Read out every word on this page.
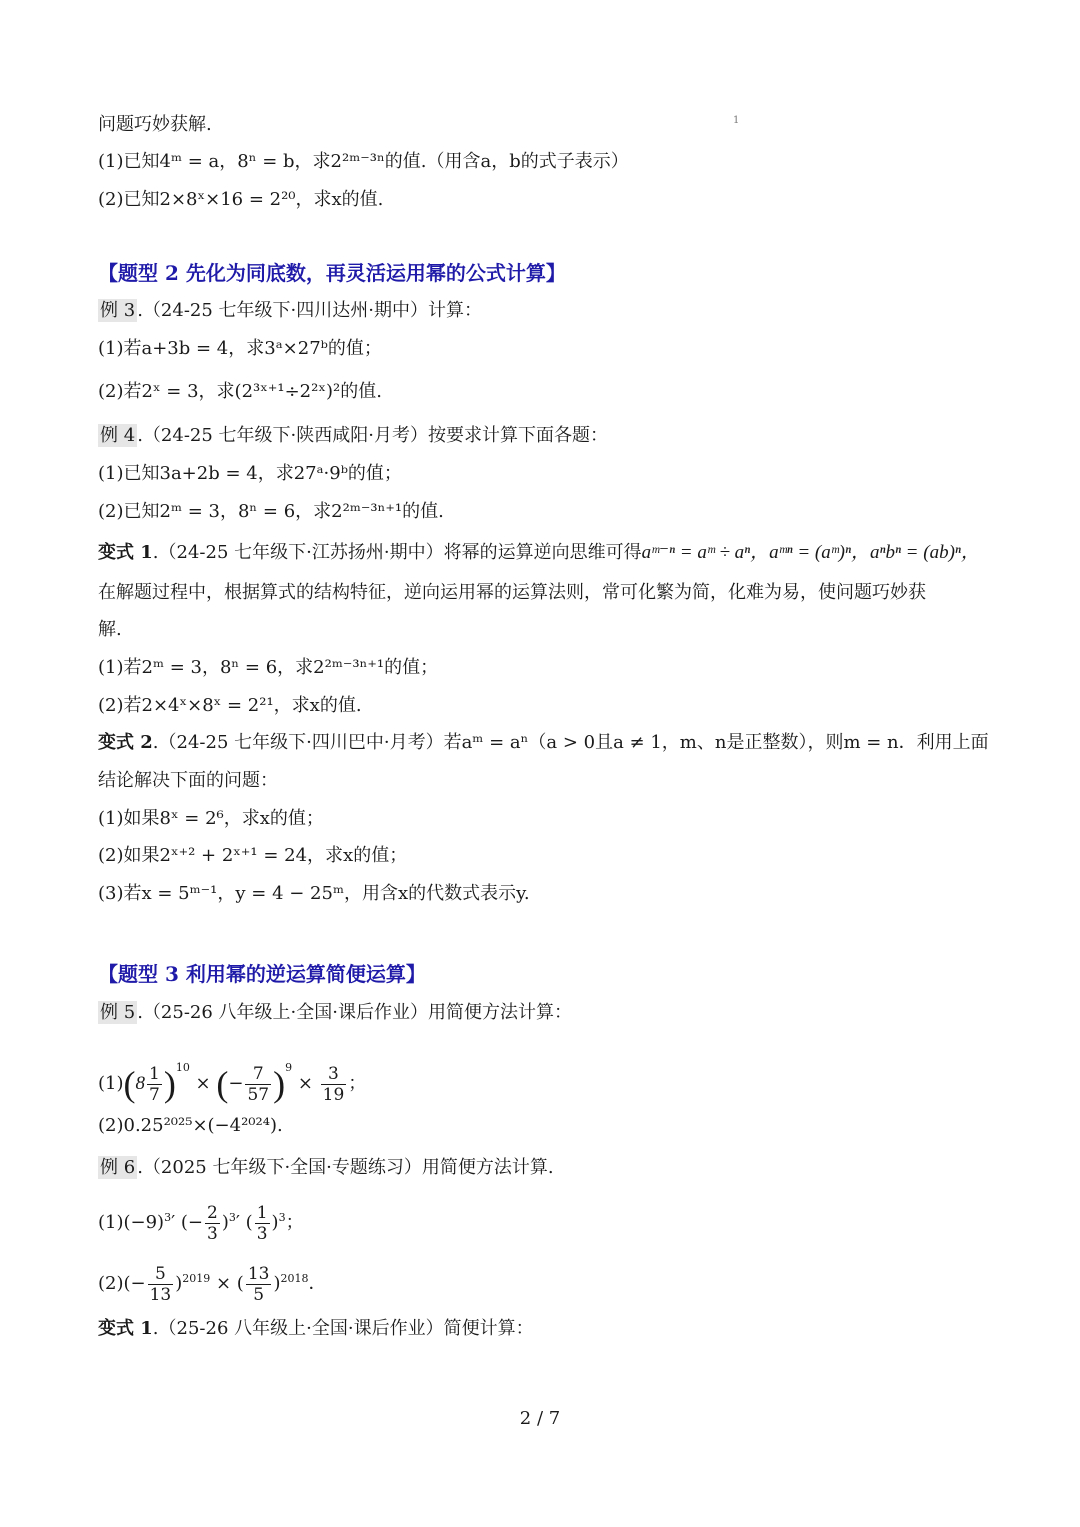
1
问题巧妙获解.
(1)已知4ᵐ = a，8ⁿ = b，求2²ᵐ⁻³ⁿ的值.（用含a，b的式子表示）
(2)已知2×8ˣ×16 = 2²⁰，求x的值.
【题型 2 先化为同底数，再灵活运用幂的公式计算】
例 3 .（24-25 七年级下·四川达州·期中）计算：
(1)若a+3b = 4，求3ᵃ×27ᵇ的值；
(2)若2ˣ = 3，求(2³ˣ⁺¹÷2²ˣ)²的值.
例 4 .（24-25 七年级下·陕西咸阳·月考）按要求计算下面各题：
(1)已知3a+2b = 4，求27ᵃ·9ᵇ的值；
(2)已知2ᵐ = 3，8ⁿ = 6，求2²ᵐ⁻³ⁿ⁺¹的值.
变式 1.（24-25 七年级下·江苏扬州·期中）将幂的运算逆向思维可得aᵐ⁻ⁿ = aᵐ ÷ aⁿ，aᵐⁿ = (aᵐ)ⁿ，aⁿbⁿ = (ab)ⁿ，
在解题过程中，根据算式的结构特征，逆向运用幂的运算法则，常可化繁为简，化难为易，使问题巧妙获
解.
(1)若2ᵐ = 3，8ⁿ = 6，求2²ᵐ⁻³ⁿ⁺¹的值；
(2)若2×4ˣ×8ˣ = 2²¹，求x的值.
变式 2.（24-25 七年级下·四川巴中·月考）若aᵐ = aⁿ（a > 0且a ≠ 1，m、n是正整数），则m = n．利用上面
结论解决下面的问题：
(1)如果8ˣ = 2⁶，求x的值；
(2)如果2ˣ⁺² + 2ˣ⁺¹ = 24，求x的值；
(3)若x = 5ᵐ⁻¹，y = 4 − 25ᵐ，用含x的代数式表示y.
【题型 3 利用幂的逆运算简便运算】
例 5 .（25-26 八年级上·全国·课后作业）用简便方法计算：
$(1)(8 \frac{1}{7} )^{10}$ × (− $\frac{7}{57} )^9 \times \frac{3}{19}$ ；
(2)0.25²⁰²⁵×(−4²⁰²⁴).
例 6 .（2025 七年级下·全国·专题练习）用简便方法计算.
$(1)(-9)^3'$ (− $\frac{2}{3} )^3'$ ( $\frac{1}{3} )^3$；
$(2)(- \frac{5}{13} )^{2019}$ × ( $\frac{13}{5} )^{2018}$．
变式 1.（25-26 八年级上·全国·课后作业）简便计算：
2 / 7
